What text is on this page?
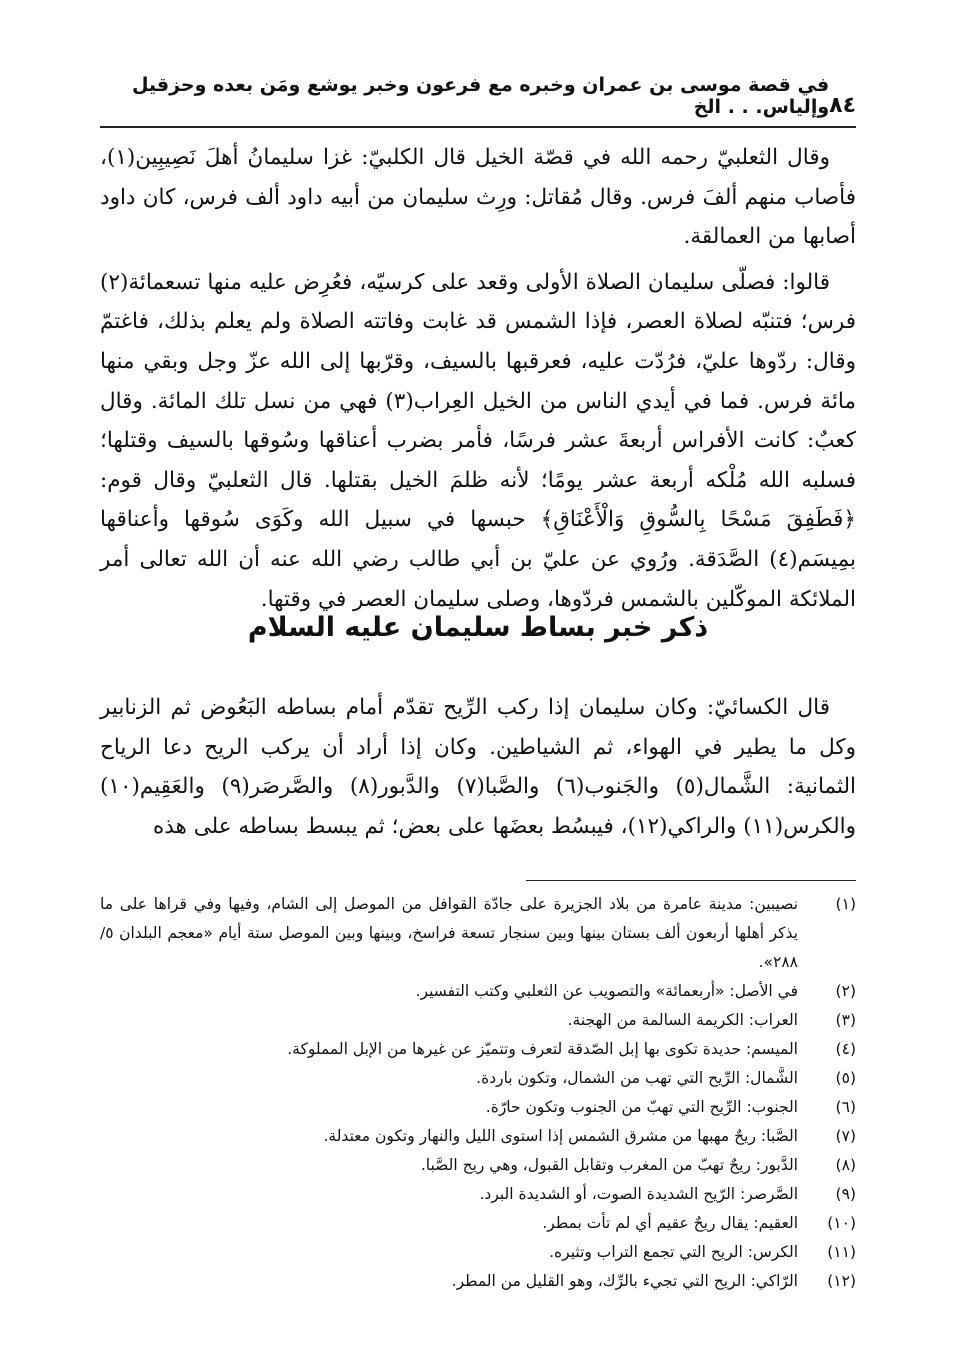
٨٤
في قصة موسى بن عمران وخبره مع فرعون وخبر يوشع ومَن بعده وحزقيل وإلياس. . . الخ

وقال الثعلبيّ رحمه الله في قصّة الخيل قال الكلبيّ: غزا سليمانُ أهلَ نَصِيبِين(١)، فأصاب منهم ألفَ فرس. وقال مُقاتل: ورِث سليمان من أبيه داود ألف فرس، كان داود أصابها من العمالقة.

قالوا: فصلّى سليمان الصلاة الأولى وقعد على كرسيّه، فعُرِض عليه منها تسعمائة(٢) فرس؛ فتنبّه لصلاة العصر، فإذا الشمس قد غابت وفاتته الصلاة ولم يعلم بذلك، فاغتمّ وقال: ردّوها عليّ، فرُدّت عليه، فعرقبها بالسيف، وقرّبها إلى الله عزّ وجل وبقي منها مائة فرس. فما في أيدي الناس من الخيل العِراب(٣) فهي من نسل تلك المائة. وقال كعبٌ: كانت الأفراس أربعةَ عشر فرسًا، فأمر بضرب أعناقها وسُوقها بالسيف وقتلها؛ فسلبه الله مُلْكه أربعة عشر يومًا؛ لأنه ظلمَ الخيل بقتلها. قال الثعلبيّ وقال قوم: ﴿فَطَفِقَ مَسْحًا بِالسُّوقِ وَالْأَعْنَاقِ﴾ حبسها في سبيل الله وكَوَى سُوقها وأعناقها بمِيسَم(٤) الصَّدَقة. ورُوي عن عليّ بن أبي طالب رضي الله عنه أن الله تعالى أمر الملائكة الموكّلين بالشمس فردّوها، وصلى سليمان العصر في وقتها.

ذكر خبر بساط سليمان عليه السلام

قال الكسائيّ: وكان سليمان إذا ركب الرِّيح تقدّم أمام بساطه البَعُوض ثم الزنابير وكل ما يطير في الهواء، ثم الشياطين. وكان إذا أراد أن يركب الريح دعا الرياح الثمانية: الشَّمال(٥) والجَنوب(٦) والصَّبا(٧) والدَّبور(٨) والصَّرصَر(٩) والعَقِيم(١٠) والكرس(١١) والراكي(١٢)، فيبسُط بعضَها على بعض؛ ثم يبسط بساطه على هذه

(١)
نصيبين: مدينة عامرة من بلاد الجزيرة على جادّة القوافل من الموصل إلى الشام، وفيها وفي قراها على ما يذكر أهلها أربعون ألف بستان بينها وبين سنجار تسعة فراسخ، وبينها وبين الموصل ستة أيام «معجم البلدان ٥/ ٢٨٨».
(٢)
في الأصل: «أربعمائة» والتصويب عن الثعلبي وكتب التفسير.
(٣)
العراب: الكريمة السالمة من الهجنة.
(٤)
الميسم: حديدة تكوى بها إبل الصّدقة لتعرف وتتميّز عن غيرها من الإبل المملوكة.
(٥)
الشَّمال: الرِّيح التي تهب من الشمال، وتكون باردة.
(٦)
الجنوب: الرِّيح التي تهبّ من الجنوب وتكون حارّة.
(٧)
الصَّبا: ريحٌ مهبها من مشرق الشمس إذا استوى الليل والنهار وتكون معتدلة.
(٨)
الدَّبور: ريحٌ تهبّ من المغرب وتقابل القبول، وهي ريح الصَّبا.
(٩)
الصَّرصر: الرّيح الشديدة الصوت، أو الشديدة البرد.
(١٠)
العقيم: يقال ريحٌ عقيم أي لم تأت بمطر.
(١١)
الكرس: الريح التي تجمع التراب وتثيره.
(١٢)
الرّاكي: الريح التي تجيء بالرِّك، وهو القليل من المطر.
